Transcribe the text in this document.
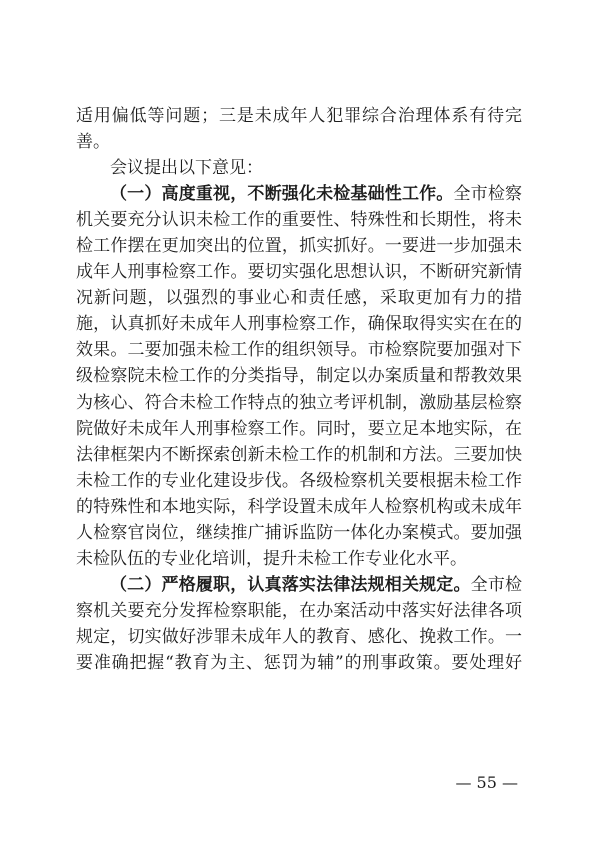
适用偏低等问题；三是未成年人犯罪综合治理体系有待完
善。
会议提出以下意见：
（一）高度重视，不断强化未检基础性工作。全市检察
机关要充分认识未检工作的重要性、特殊性和长期性，将未
检工作摆在更加突出的位置，抓实抓好。一要进一步加强未
成年人刑事检察工作。要切实强化思想认识，不断研究新情
况新问题，以强烈的事业心和责任感，采取更加有力的措
施，认真抓好未成年人刑事检察工作，确保取得实实在在的
效果。二要加强未检工作的组织领导。市检察院要加强对下
级检察院未检工作的分类指导，制定以办案质量和帮教效果
为核心、符合未检工作特点的独立考评机制，激励基层检察
院做好未成年人刑事检察工作。同时，要立足本地实际，在
法律框架内不断探索创新未检工作的机制和方法。三要加快
未检工作的专业化建设步伐。各级检察机关要根据未检工作
的特殊性和本地实际，科学设置未成年人检察机构或未成年
人检察官岗位，继续推广捕诉监防一体化办案模式。要加强
未检队伍的专业化培训，提升未检工作专业化水平。
（二）严格履职，认真落实法律法规相关规定。全市检
察机关要充分发挥检察职能，在办案活动中落实好法律各项
规定，切实做好涉罪未成年人的教育、感化、挽救工作。一
要准确把握“教育为主、惩罚为辅”的刑事政策。要处理好
— 55 —
